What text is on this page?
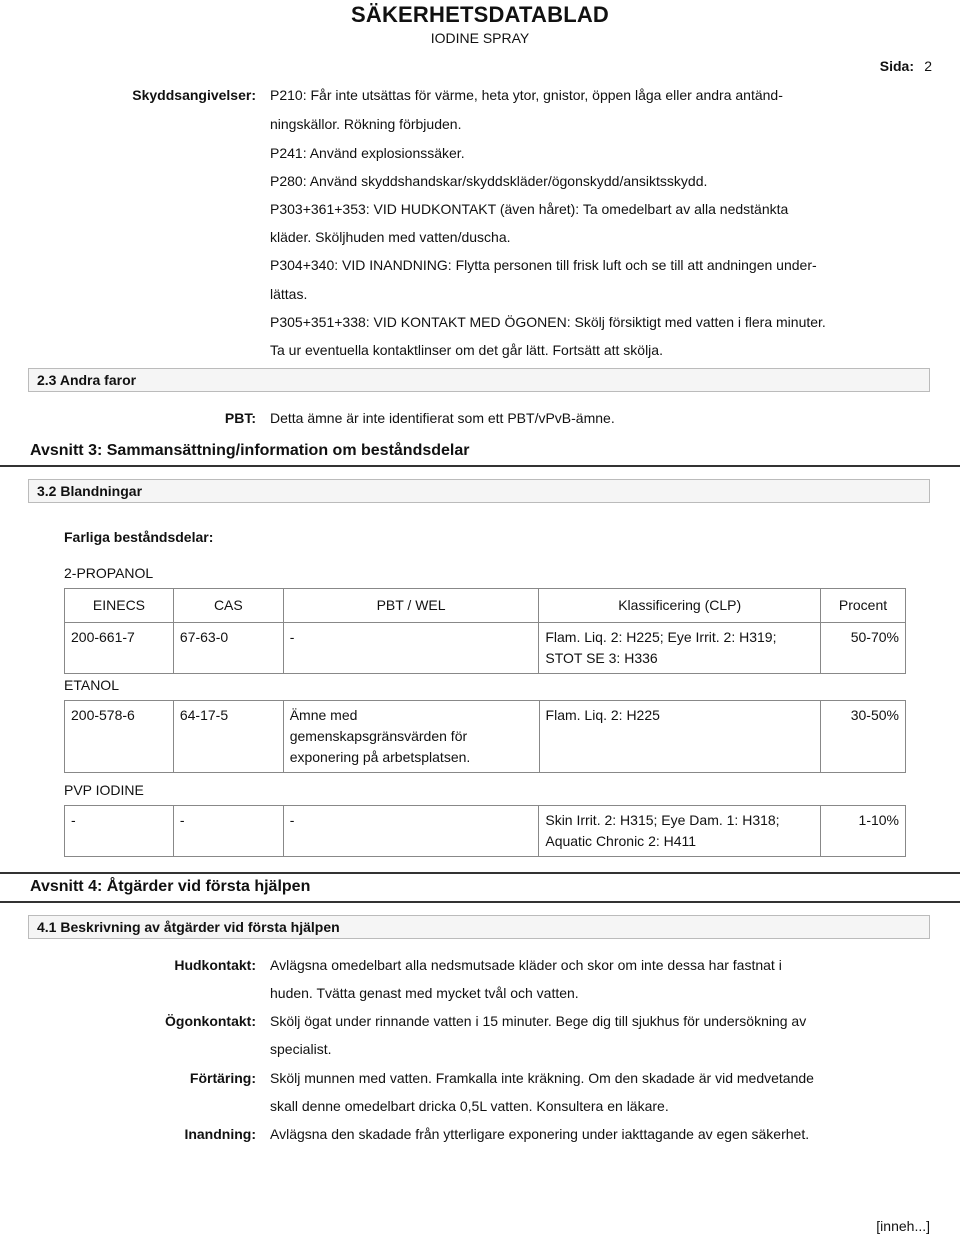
SÄKERHETSDATABLAD
IODINE SPRAY
Sida: 2
Skyddsangivelser: P210: Får inte utsättas för värme, heta ytor, gnistor, öppen låga eller andra antänd-
ningskällor. Rökning förbjuden.
P241: Använd explosionssäker.
P280: Använd skyddshandskar/skyddskläder/ögonskydd/ansiktsskydd.
P303+361+353: VID HUDKONTAKT (även håret): Ta omedelbart av alla nedstänkta
kläder. Sköljhuden med vatten/duscha.
P304+340: VID INANDNING: Flytta personen till frisk luft och se till att andningen under-
lättas.
P305+351+338: VID KONTAKT MED ÖGONEN: Skölj försiktigt med vatten i flera minuter.
Ta ur eventuella kontaktlinser om det går lätt. Fortsätt att skölja.
2.3 Andra faror
PBT: Detta ämne är inte identifierat som ett PBT/vPvB-ämne.
Avsnitt 3: Sammansättning/information om beståndsdelar
3.2 Blandningar
Farliga beståndsdelar:
2-PROPANOL
EINECS	CAS	PBT / WEL	Klassificering (CLP)	Procent
200-661-7	67-63-0	-	Flam. Liq. 2: H225; Eye Irrit. 2: H319;
STOT SE 3: H336	50-70%
ETANOL
200-578-6	64-17-5	Ämne med
gemenskapsgränsvärden för
exponering på arbetsplatsen.	Flam. Liq. 2: H225	30-50%
PVP IODINE
-	-	-	Skin Irrit. 2: H315; Eye Dam. 1: H318;
Aquatic Chronic 2: H411	1-10%
Avsnitt 4: Åtgärder vid första hjälpen
4.1 Beskrivning av åtgärder vid första hjälpen
Hudkontakt: Avlägsna omedelbart alla nedsmutsade kläder och skor om inte dessa har fastnat i
huden. Tvätta genast med mycket tvål och vatten.
Ögonkontakt: Skölj ögat under rinnande vatten i 15 minuter. Bege dig till sjukhus för undersökning av
specialist.
Förtäring: Skölj munnen med vatten. Framkalla inte kräkning. Om den skadade är vid medvetande
skall denne omedelbart dricka 0,5L vatten. Konsultera en läkare.
Inandning: Avlägsna den skadade från ytterligare exponering under iakttagande av egen säkerhet.
[inneh...]
